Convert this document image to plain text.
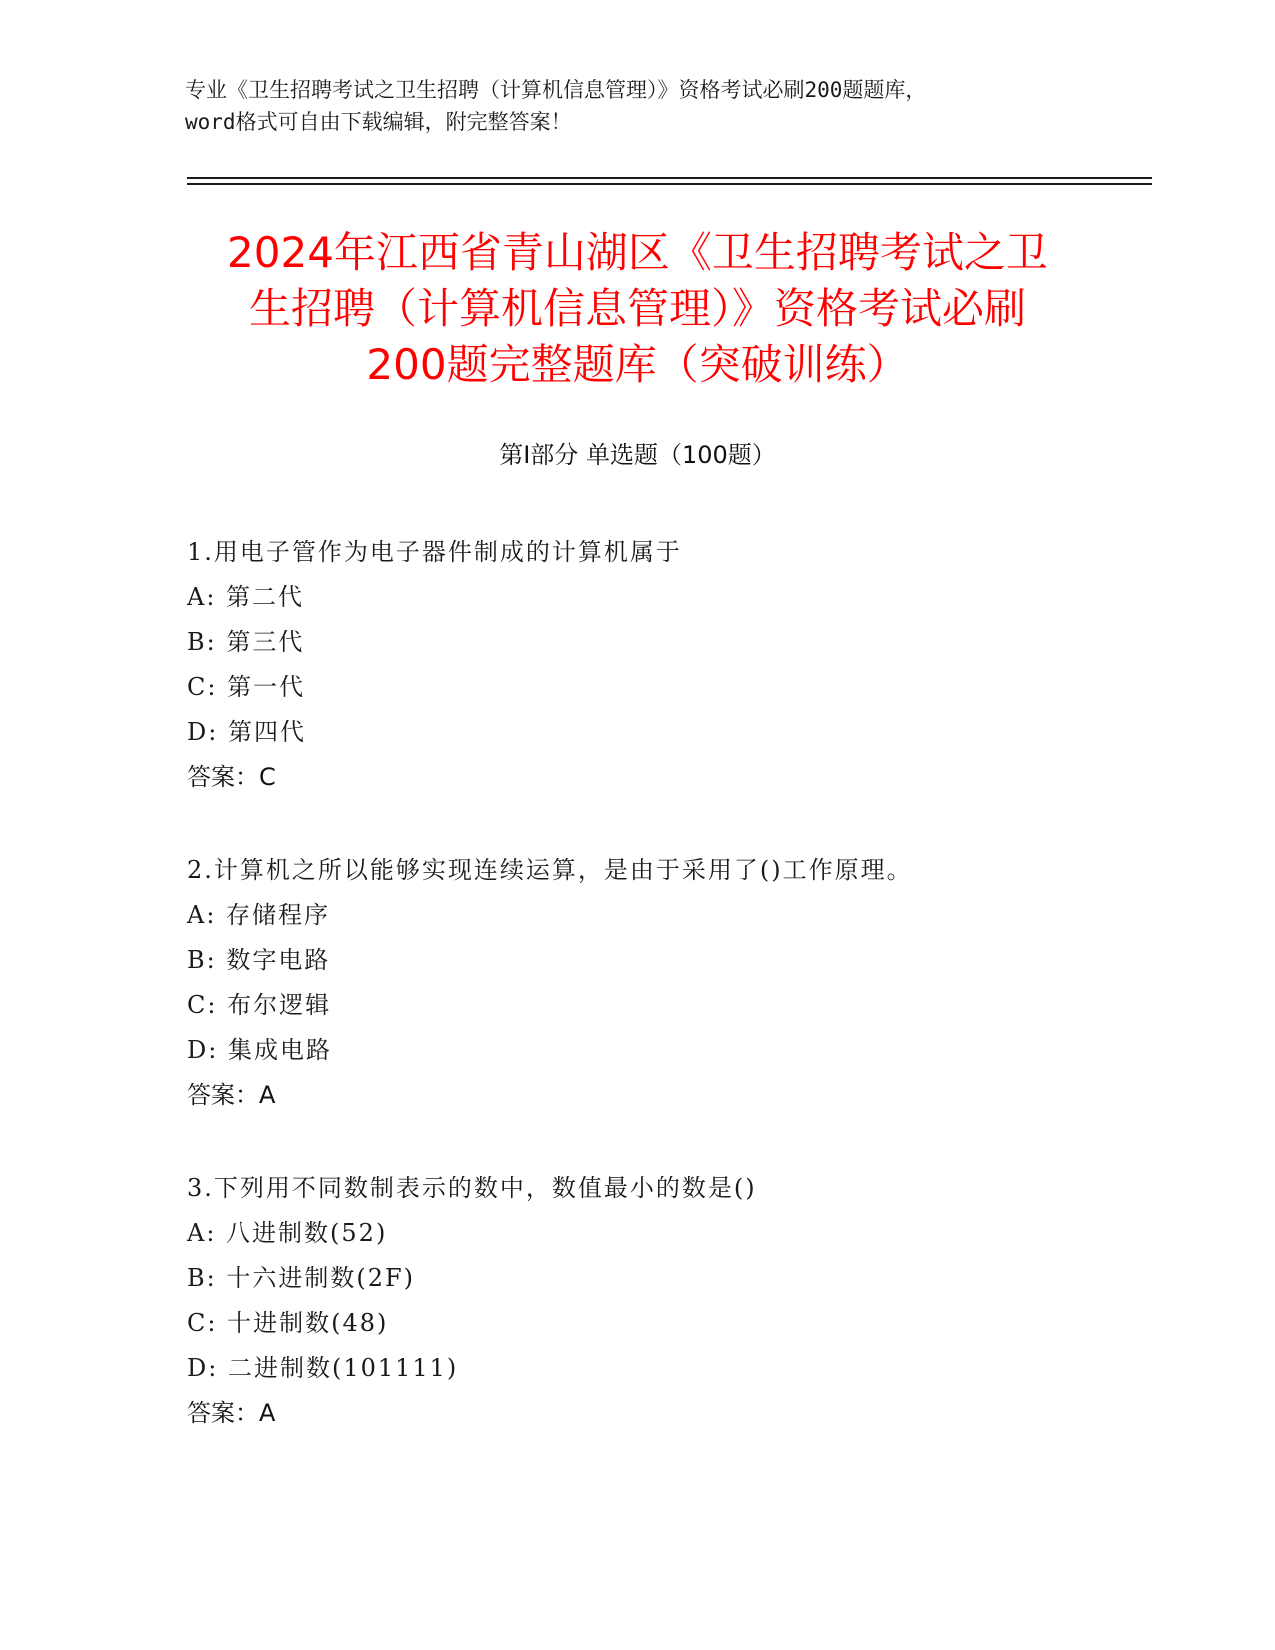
专业《卫生招聘考试之卫生招聘（计算机信息管理）》资格考试必刷200题题库，
word格式可自由下载编辑，附完整答案！
2024年江西省青山湖区《卫生招聘考试之卫
生招聘（计算机信息管理）》资格考试必刷
200题完整题库（突破训练）
第Ⅰ部分 单选题（100题）
1.用电子管作为电子器件制成的计算机属于
A: 第二代
B: 第三代
C: 第一代
D: 第四代
答案：C
2.计算机之所以能够实现连续运算，是由于采用了()工作原理。
A: 存储程序
B: 数字电路
C: 布尔逻辑
D: 集成电路
答案：A
3.下列用不同数制表示的数中，数值最小的数是()
A: 八进制数(52)
B: 十六进制数(2F)
C: 十进制数(48)
D: 二进制数(101111)
答案：A
